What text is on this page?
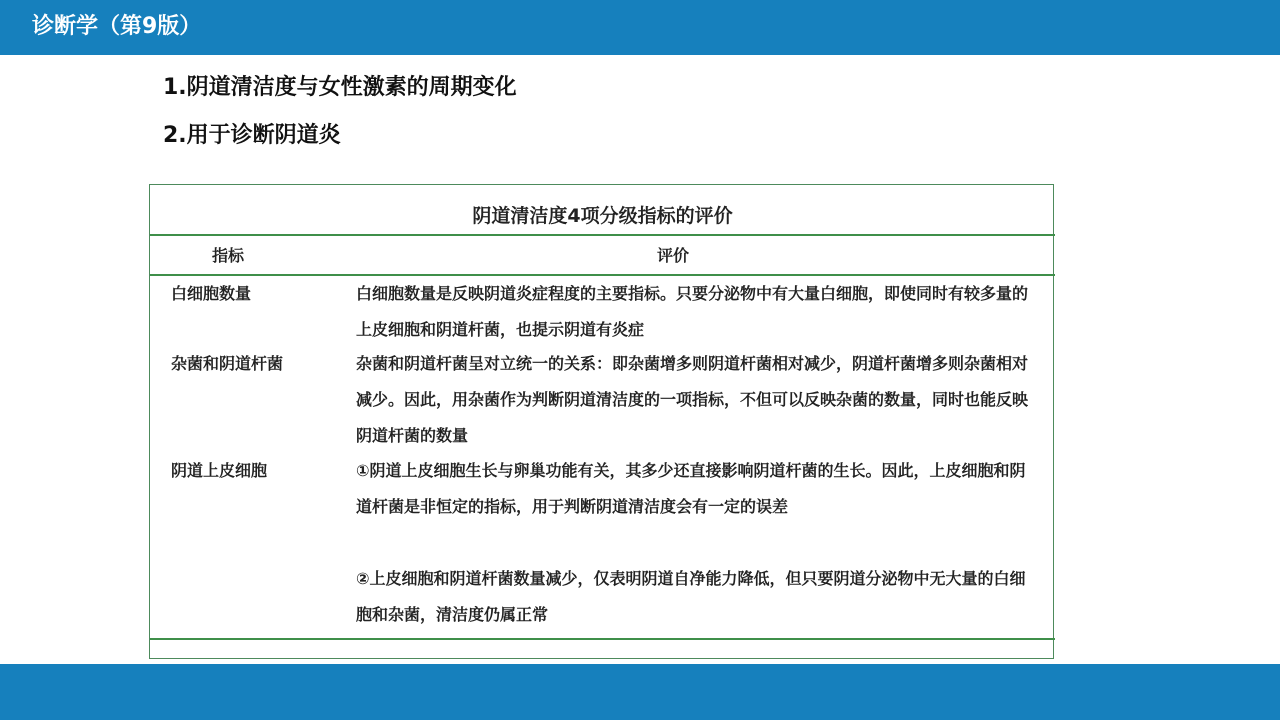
诊断学（第9版）
1.阴道清洁度与女性激素的周期变化
2.用于诊断阴道炎
阴道清洁度4项分级指标的评价
指标	评价
白细胞数量	白细胞数量是反映阴道炎症程度的主要指标。只要分泌物中有大量白细胞，即使同时有较多量的上皮细胞和阴道杆菌，也提示阴道有炎症
杂菌和阴道杆菌	杂菌和阴道杆菌呈对立统一的关系：即杂菌增多则阴道杆菌相对减少，阴道杆菌增多则杂菌相对减少。因此，用杂菌作为判断阴道清洁度的一项指标，不但可以反映杂菌的数量，同时也能反映阴道杆菌的数量
阴道上皮细胞	①阴道上皮细胞生长与卵巢功能有关，其多少还直接影响阴道杆菌的生长。因此，上皮细胞和阴道杆菌是非恒定的指标，用于判断阴道清洁度会有一定的误差
②上皮细胞和阴道杆菌数量减少，仅表明阴道自净能力降低，但只要阴道分泌物中无大量的白细胞和杂菌，清洁度仍属正常
